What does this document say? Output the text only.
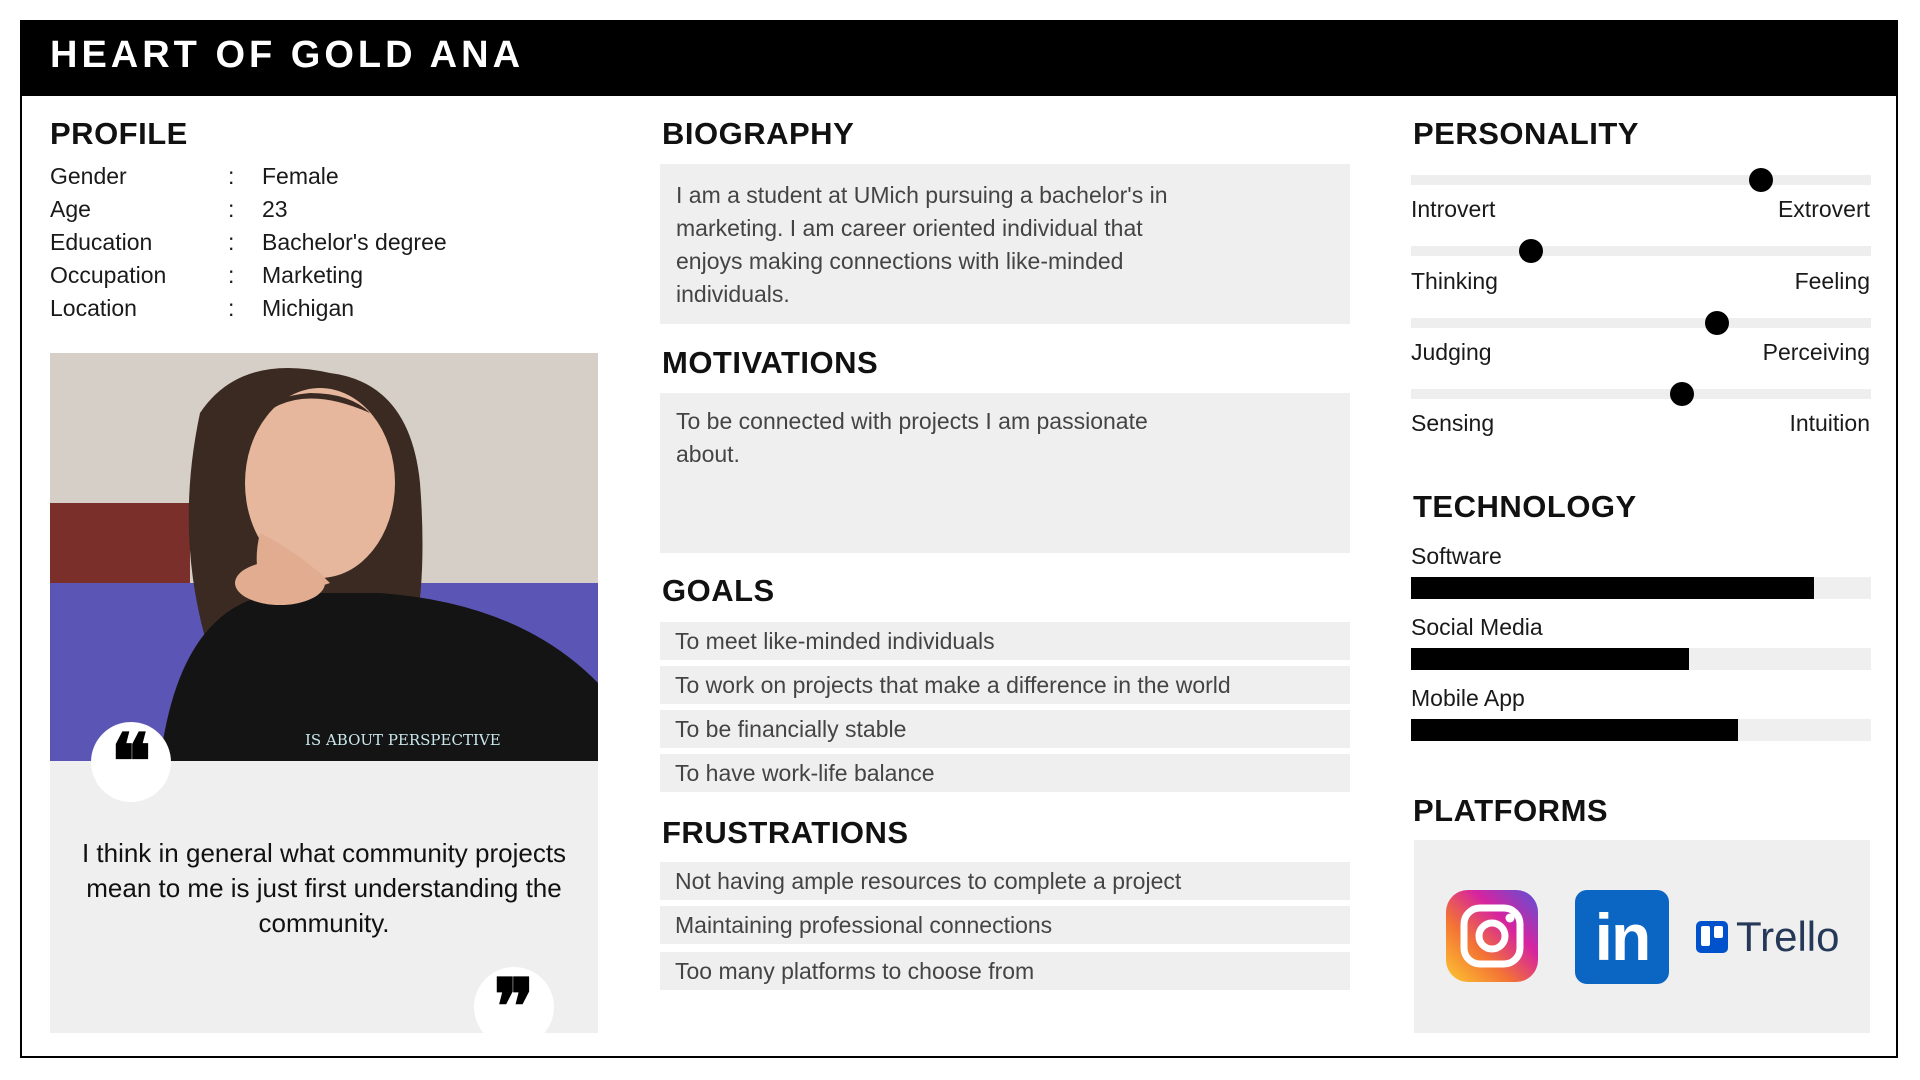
HEART OF GOLD ANA
PROFILE
Gender	: Female
Age	: 23
Education	: Bachelor's degree
Occupation	: Marketing
Location	: Michigan
IS ABOUT PERSPECTIVE
❝
❞
I think in general what community projects mean to me is just first understanding the community.
BIOGRAPHY
I am a student at UMich pursuing a bachelor's in
marketing. I am career oriented individual that
enjoys making connections with like-minded
individuals.
MOTIVATIONS
To be connected with projects I am passionate
about.
GOALS
To meet like-minded individuals
To work on projects that make a difference in the world
To be financially stable
To have work-life balance
FRUSTRATIONS
Not having ample resources to complete a project
Maintaining professional connections
Too many platforms to choose from
PERSONALITY
Introvert	Extrovert
Thinking	Feeling
Judging	Perceiving
Sensing	Intuition
TECHNOLOGY
Software
Social Media
Mobile App
PLATFORMS
in	Trello
